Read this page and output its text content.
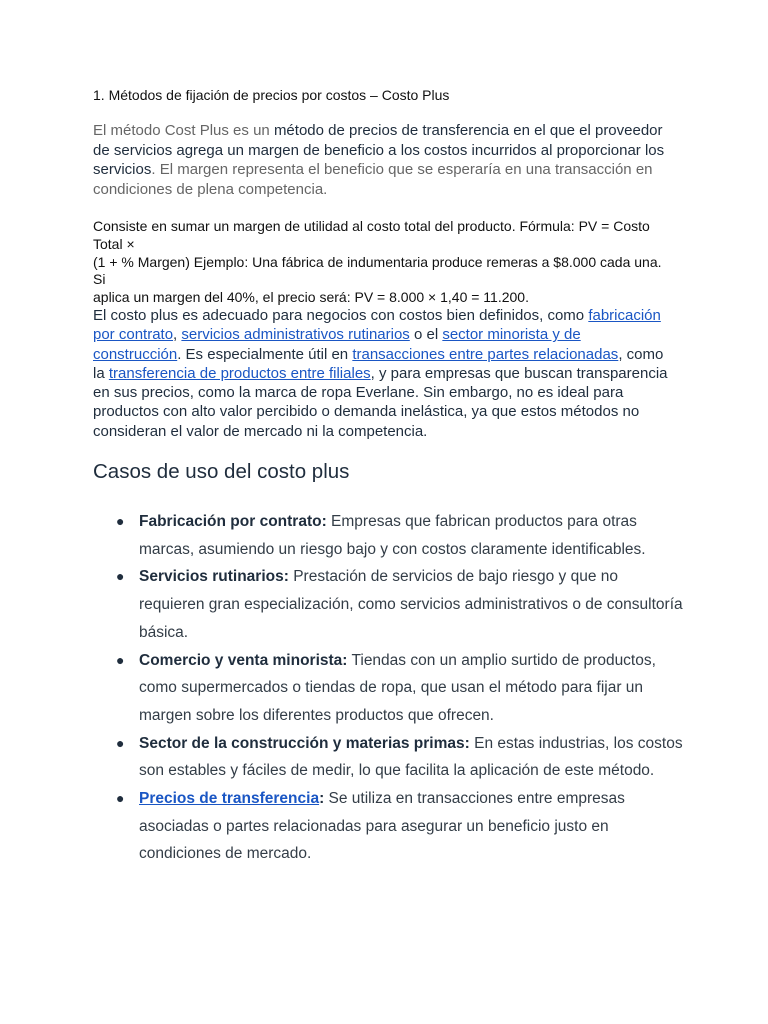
1. Métodos de fijación de precios por costos – Costo Plus

El método Cost Plus es un método de precios de transferencia en el que el proveedor de servicios agrega un margen de beneficio a los costos incurridos al proporcionar los servicios. El margen representa el beneficio que se esperaría en una transacción en condiciones de plena competencia.

Consiste en sumar un margen de utilidad al costo total del producto. Fórmula: PV = Costo
Total ×
(1 + % Margen) Ejemplo: Una fábrica de indumentaria produce remeras a $8.000 cada una.
Si
aplica un margen del 40%, el precio será: PV = 8.000 × 1,40 = 11.200.

El costo plus es adecuado para negocios con costos bien definidos, como fabricación por contrato, servicios administrativos rutinarios o el sector minorista y de construcción. Es especialmente útil en transacciones entre partes relacionadas, como la transferencia de productos entre filiales, y para empresas que buscan transparencia en sus precios, como la marca de ropa Everlane. Sin embargo, no es ideal para productos con alto valor percibido o demanda inelástica, ya que estos métodos no consideran el valor de mercado ni la competencia.

Casos de uso del costo plus
● Fabricación por contrato: Empresas que fabrican productos para otras marcas, asumiendo un riesgo bajo y con costos claramente identificables.
● Servicios rutinarios: Prestación de servicios de bajo riesgo y que no requieren gran especialización, como servicios administrativos o de consultoría básica.
● Comercio y venta minorista: Tiendas con un amplio surtido de productos, como supermercados o tiendas de ropa, que usan el método para fijar un margen sobre los diferentes productos que ofrecen.
● Sector de la construcción y materias primas: En estas industrias, los costos son estables y fáciles de medir, lo que facilita la aplicación de este método.
● Precios de transferencia: Se utiliza en transacciones entre empresas asociadas o partes relacionadas para asegurar un beneficio justo en condiciones de mercado.
